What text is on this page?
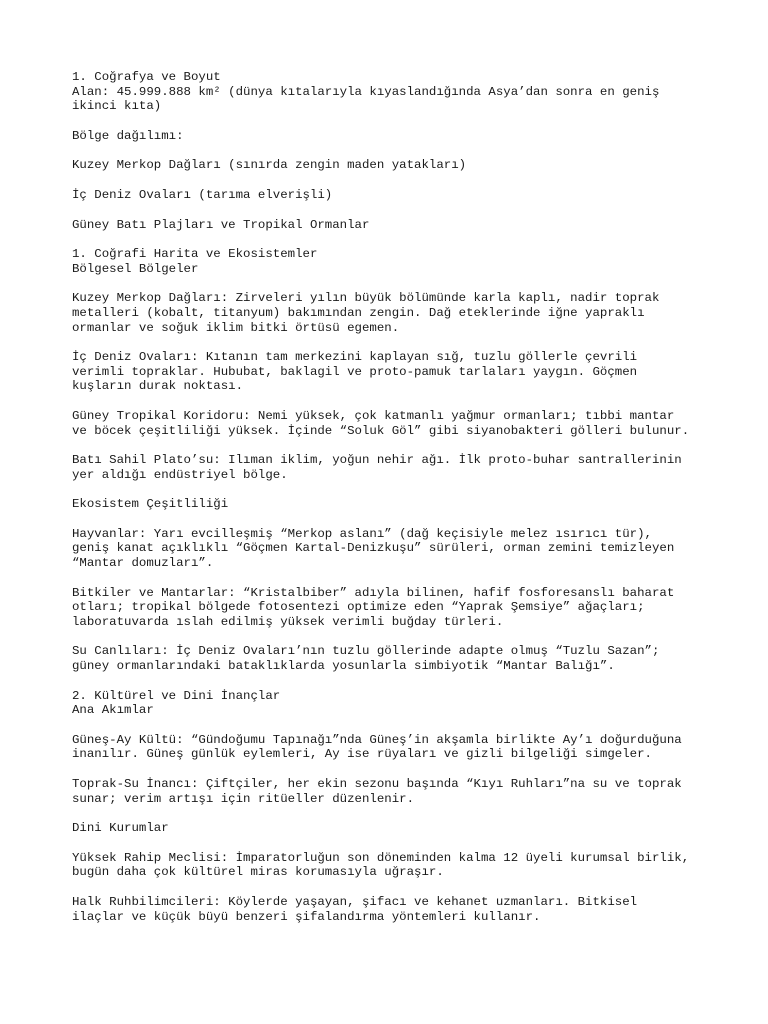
1. Coğrafya ve Boyut
Alan: 45.999.888 km² (dünya kıtalarıyla kıyaslandığında Asya’dan sonra en geniş
ikinci kıta)

Bölge dağılımı:

Kuzey Merkop Dağları (sınırda zengin maden yatakları)

İç Deniz Ovaları (tarıma elverişli)

Güney Batı Plajları ve Tropikal Ormanlar

1. Coğrafi Harita ve Ekosistemler
Bölgesel Bölgeler

Kuzey Merkop Dağları: Zirveleri yılın büyük bölümünde karla kaplı, nadir toprak
metalleri (kobalt, titanyum) bakımından zengin. Dağ eteklerinde iğne yapraklı
ormanlar ve soğuk iklim bitki örtüsü egemen.

İç Deniz Ovaları: Kıtanın tam merkezini kaplayan sığ, tuzlu göllerle çevrili
verimli topraklar. Hububat, baklagil ve proto-pamuk tarlaları yaygın. Göçmen
kuşların durak noktası.

Güney Tropikal Koridoru: Nemi yüksek, çok katmanlı yağmur ormanları; tıbbi mantar
ve böcek çeşitliliği yüksek. İçinde “Soluk Göl” gibi siyanobakteri gölleri bulunur.

Batı Sahil Plato’su: Ilıman iklim, yoğun nehir ağı. İlk proto-buhar santrallerinin
yer aldığı endüstriyel bölge.

Ekosistem Çeşitliliği

Hayvanlar: Yarı evcilleşmiş “Merkop aslanı” (dağ keçisiyle melez ısırıcı tür),
geniş kanat açıklıklı “Göçmen Kartal-Denizkuşu” sürüleri, orman zemini temizleyen
“Mantar domuzları”.

Bitkiler ve Mantarlar: “Kristalbiber” adıyla bilinen, hafif fosforesanslı baharat
otları; tropikal bölgede fotosentezi optimize eden “Yaprak Şemsiye” ağaçları;
laboratuvarda ıslah edilmiş yüksek verimli buğday türleri.

Su Canlıları: İç Deniz Ovaları’nın tuzlu göllerinde adapte olmuş “Tuzlu Sazan”;
güney ormanlarındaki bataklıklarda yosunlarla simbiyotik “Mantar Balığı”.

2. Kültürel ve Dini İnançlar
Ana Akımlar

Güneş-Ay Kültü: “Gündoğumu Tapınağı”nda Güneş’in akşamla birlikte Ay’ı doğurduğuna
inanılır. Güneş günlük eylemleri, Ay ise rüyaları ve gizli bilgeliği simgeler.

Toprak-Su İnancı: Çiftçiler, her ekin sezonu başında “Kıyı Ruhları”na su ve toprak
sunar; verim artışı için ritüeller düzenlenir.

Dini Kurumlar

Yüksek Rahip Meclisi: İmparatorluğun son döneminden kalma 12 üyeli kurumsal birlik,
bugün daha çok kültürel miras korumasıyla uğraşır.

Halk Ruhbilimcileri: Köylerde yaşayan, şifacı ve kehanet uzmanları. Bitkisel
ilaçlar ve küçük büyü benzeri şifalandırma yöntemleri kullanır.
